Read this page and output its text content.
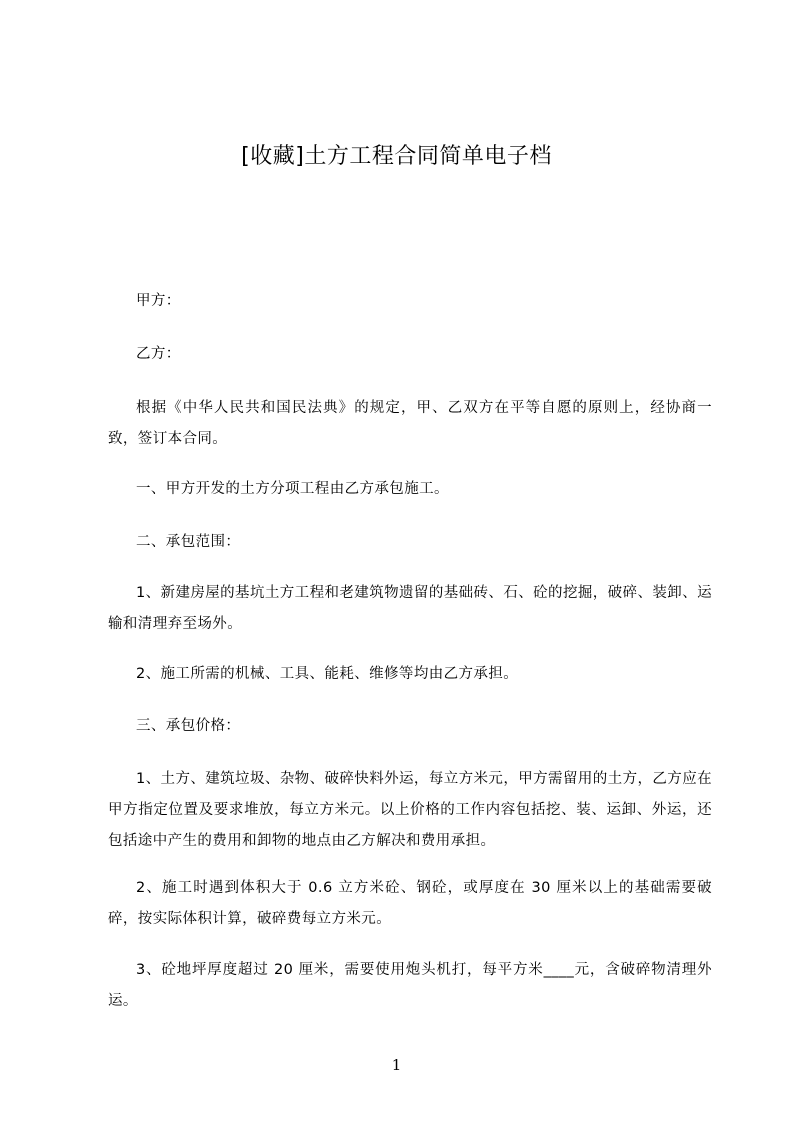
[收藏]土方工程合同简单电子档

甲方：

乙方：

根据《中华人民共和国民法典》的规定，甲、乙双方在平等自愿的原则上，经协商一致，签订本合同。

一、甲方开发的土方分项工程由乙方承包施工。

二、承包范围：

1、新建房屋的基坑土方工程和老建筑物遗留的基础砖、石、砼的挖掘，破碎、装卸、运输和清理弃至场外。

2、施工所需的机械、工具、能耗、维修等均由乙方承担。

三、承包价格：

1、土方、建筑垃圾、杂物、破碎快料外运，每立方米元，甲方需留用的土方，乙方应在甲方指定位置及要求堆放，每立方米元。以上价格的工作内容包括挖、装、运卸、外运，还包括途中产生的费用和卸物的地点由乙方解决和费用承担。

2、施工时遇到体积大于 0.6 立方米砼、钢砼，或厚度在 30 厘米以上的基础需要破碎，按实际体积计算，破碎费每立方米元。

3、砼地坪厚度超过 20 厘米，需要使用炮头机打，每平方米____元，含破碎物清理外运。

1
